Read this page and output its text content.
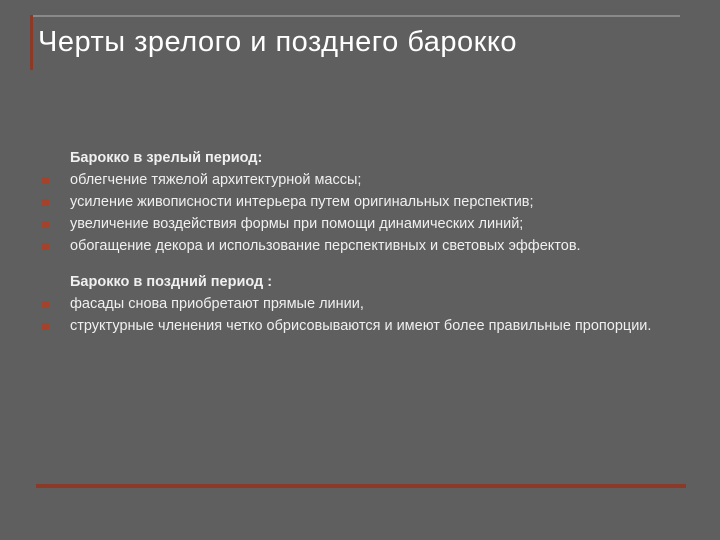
Черты зрелого и позднего барокко
Барокко в зрелый период:
облегчение тяжелой архитектурной массы;
усиление живописности интерьера путем оригинальных перспектив;
увеличение воздействия формы при помощи динамических линий;
обогащение декора и использование перспективных и световых эффектов.
Барокко в поздний период :
фасады снова приобретают прямые линии,
структурные членения четко обрисовываются и имеют более правильные пропорции.
